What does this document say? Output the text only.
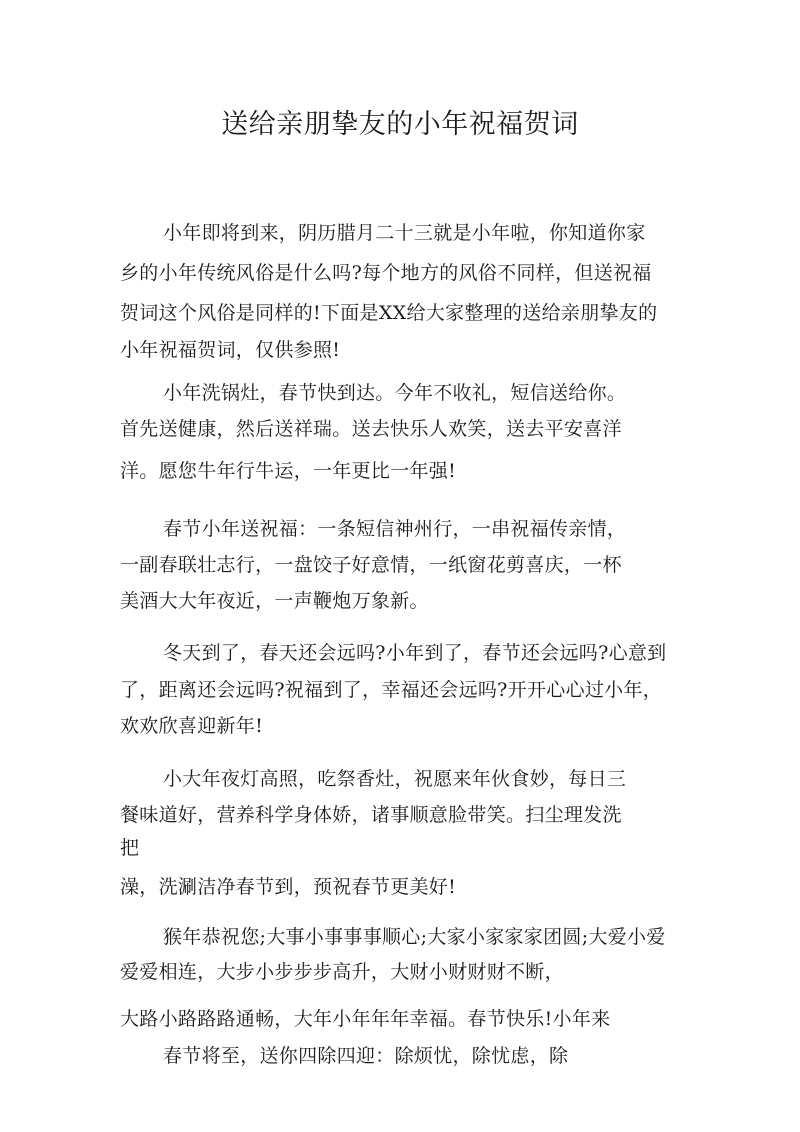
送给亲朋挚友的小年祝福贺词
小年即将到来，阴历腊月二十三就是小年啦，你知道你家
乡的小年传统风俗是什么吗?每个地方的风俗不同样，但送祝福
贺词这个风俗是同样的!下面是XX给大家整理的送给亲朋挚友的
小年祝福贺词，仅供参照!
小年洗锅灶，春节快到达。今年不收礼，短信送给你。
首先送健康，然后送祥瑞。送去快乐人欢笑，送去平安喜洋
洋。愿您牛年行牛运，一年更比一年强!
春节小年送祝福：一条短信神州行，一串祝福传亲情，
一副春联壮志行，一盘饺子好意情，一纸窗花剪喜庆，一杯
美酒大大年夜近，一声鞭炮万象新。
冬天到了，春天还会远吗?小年到了，春节还会远吗?心意到
了，距离还会远吗?祝福到了，幸福还会远吗?开开心心过小年，
欢欢欣喜迎新年!
小大年夜灯高照，吃祭香灶，祝愿来年伙食妙，每日三
餐味道好，营养科学身体娇，诸事顺意脸带笑。扫尘理发洗
把
澡，洗涮洁净春节到，预祝春节更美好!
猴年恭祝您;大事小事事事顺心;大家小家家家团圆;大爱小爱
爱爱相连，大步小步步步高升，大财小财财财不断，
大路小路路路通畅，大年小年年年幸福。春节快乐!小年来
春节将至，送你四除四迎：除烦忧，除忧虑，除
